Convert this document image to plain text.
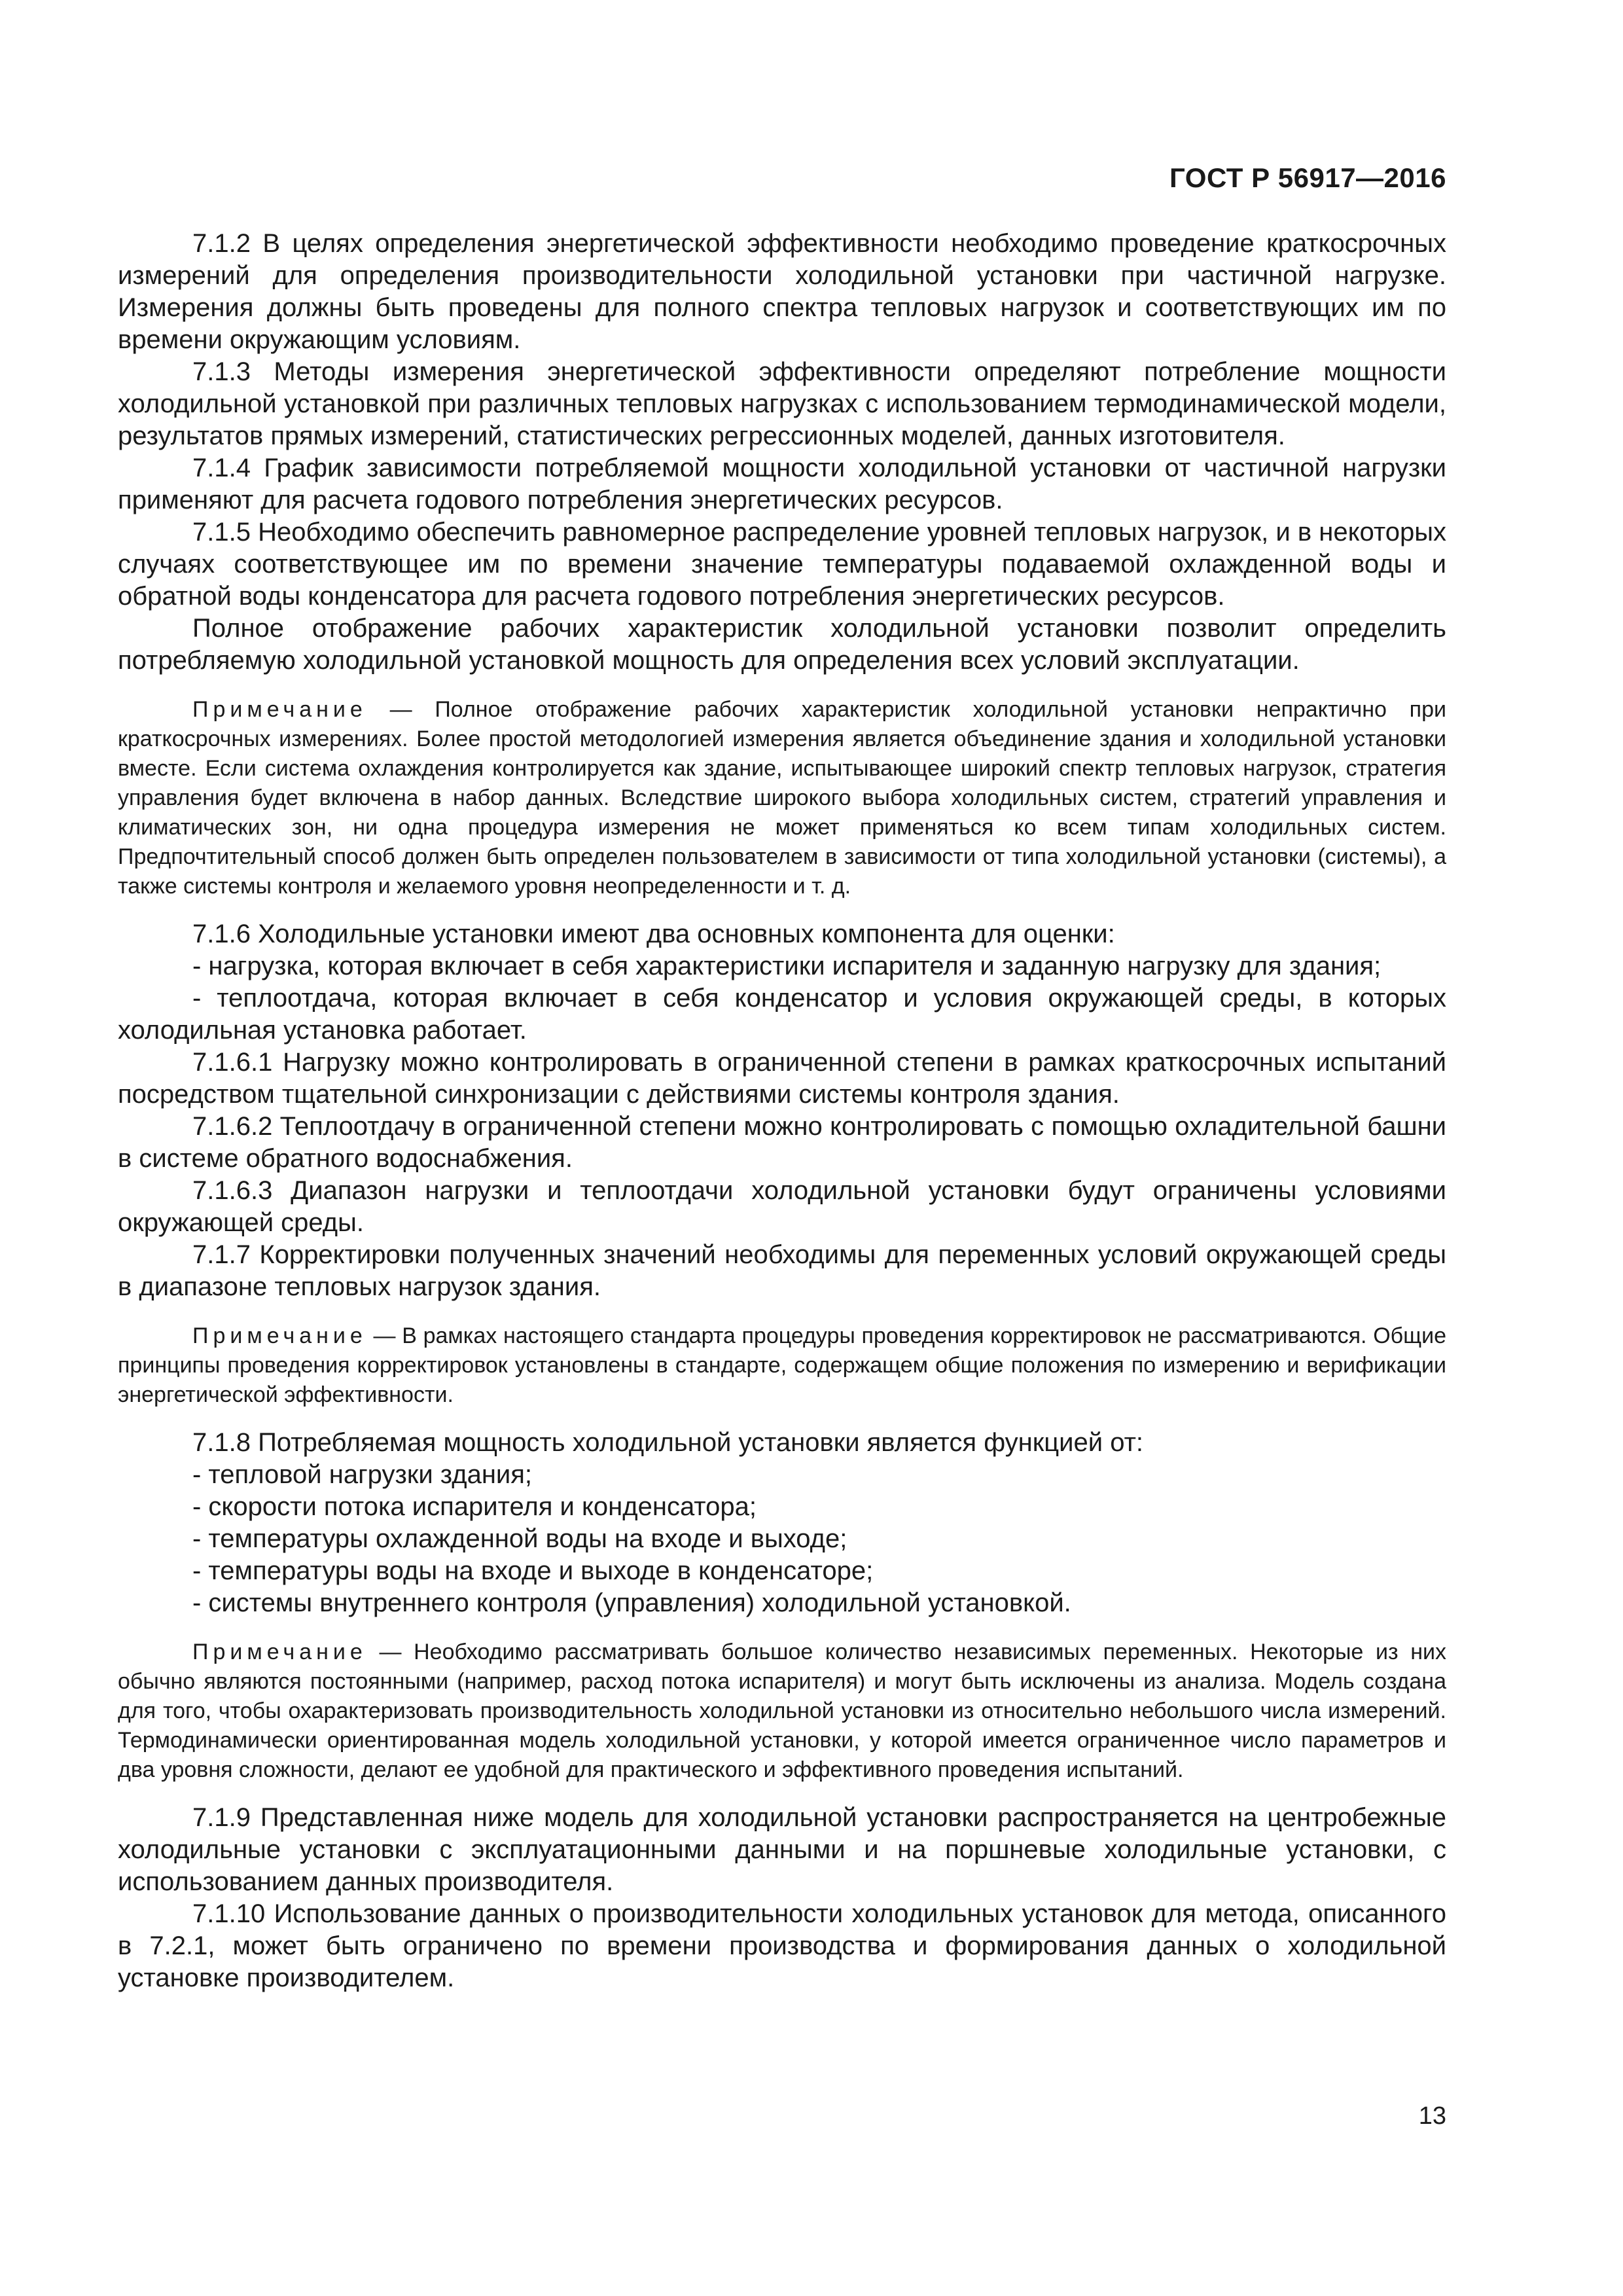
ГОСТ Р 56917—2016

7.1.2 В целях определения энергетической эффективности необходимо проведение краткосрочных измерений для определения производительности холодильной установки при частичной нагрузке. Измерения должны быть проведены для полного спектра тепловых нагрузок и соответствующих им по времени окружающим условиям.

7.1.3 Методы измерения энергетической эффективности определяют потребление мощности холодильной установкой при различных тепловых нагрузках с использованием термодинамической модели, результатов прямых измерений, статистических регрессионных моделей, данных изготовителя.

7.1.4 График зависимости потребляемой мощности холодильной установки от частичной нагрузки применяют для расчета годового потребления энергетических ресурсов.

7.1.5 Необходимо обеспечить равномерное распределение уровней тепловых нагрузок, и в некоторых случаях соответствующее им по времени значение температуры подаваемой охлажденной воды и обратной воды конденсатора для расчета годового потребления энергетических ресурсов.

Полное отображение рабочих характеристик холодильной установки позволит определить потребляемую холодильной установкой мощность для определения всех условий эксплуатации.

Примечание — Полное отображение рабочих характеристик холодильной установки непрактично при краткосрочных измерениях. Более простой методологией измерения является объединение здания и холодильной установки вместе. Если система охлаждения контролируется как здание, испытывающее широкий спектр тепловых нагрузок, стратегия управления будет включена в набор данных. Вследствие широкого выбора холодильных систем, стратегий управления и климатических зон, ни одна процедура измерения не может применяться ко всем типам холодильных систем. Предпочтительный способ должен быть определен пользователем в зависимости от типа холодильной установки (системы), а также системы контроля и желаемого уровня неопределенности и т. д.

7.1.6 Холодильные установки имеют два основных компонента для оценки:

- нагрузка, которая включает в себя характеристики испарителя и заданную нагрузку для здания;

- теплоотдача, которая включает в себя конденсатор и условия окружающей среды, в которых холодильная установка работает.

7.1.6.1 Нагрузку можно контролировать в ограниченной степени в рамках краткосрочных испытаний посредством тщательной синхронизации с действиями системы контроля здания.

7.1.6.2 Теплоотдачу в ограниченной степени можно контролировать с помощью охладительной башни в системе обратного водоснабжения.

7.1.6.3 Диапазон нагрузки и теплоотдачи холодильной установки будут ограничены условиями окружающей среды.

7.1.7 Корректировки полученных значений необходимы для переменных условий окружающей среды в диапазоне тепловых нагрузок здания.

Примечание — В рамках настоящего стандарта процедуры проведения корректировок не рассматриваются. Общие принципы проведения корректировок установлены в стандарте, содержащем общие положения по измерению и верификации энергетической эффективности.

7.1.8 Потребляемая мощность холодильной установки является функцией от:

- тепловой нагрузки здания;

- скорости потока испарителя и конденсатора;

- температуры охлажденной воды на входе и выходе;

- температуры воды на входе и выходе в конденсаторе;

- системы внутреннего контроля (управления) холодильной установкой.

Примечание — Необходимо рассматривать большое количество независимых переменных. Некоторые из них обычно являются постоянными (например, расход потока испарителя) и могут быть исключены из анализа. Модель создана для того, чтобы охарактеризовать производительность холодильной установки из относительно небольшого числа измерений. Термодинамически ориентированная модель холодильной установки, у которой имеется ограниченное число параметров и два уровня сложности, делают ее удобной для практического и эффективного проведения испытаний.

7.1.9 Представленная ниже модель для холодильной установки распространяется на центробежные холодильные установки с эксплуатационными данными и на поршневые холодильные установки, с использованием данных производителя.

7.1.10 Использование данных о производительности холодильных установок для метода, описанного в 7.2.1, может быть ограничено по времени производства и формирования данных о холодильной установке производителем.

13
